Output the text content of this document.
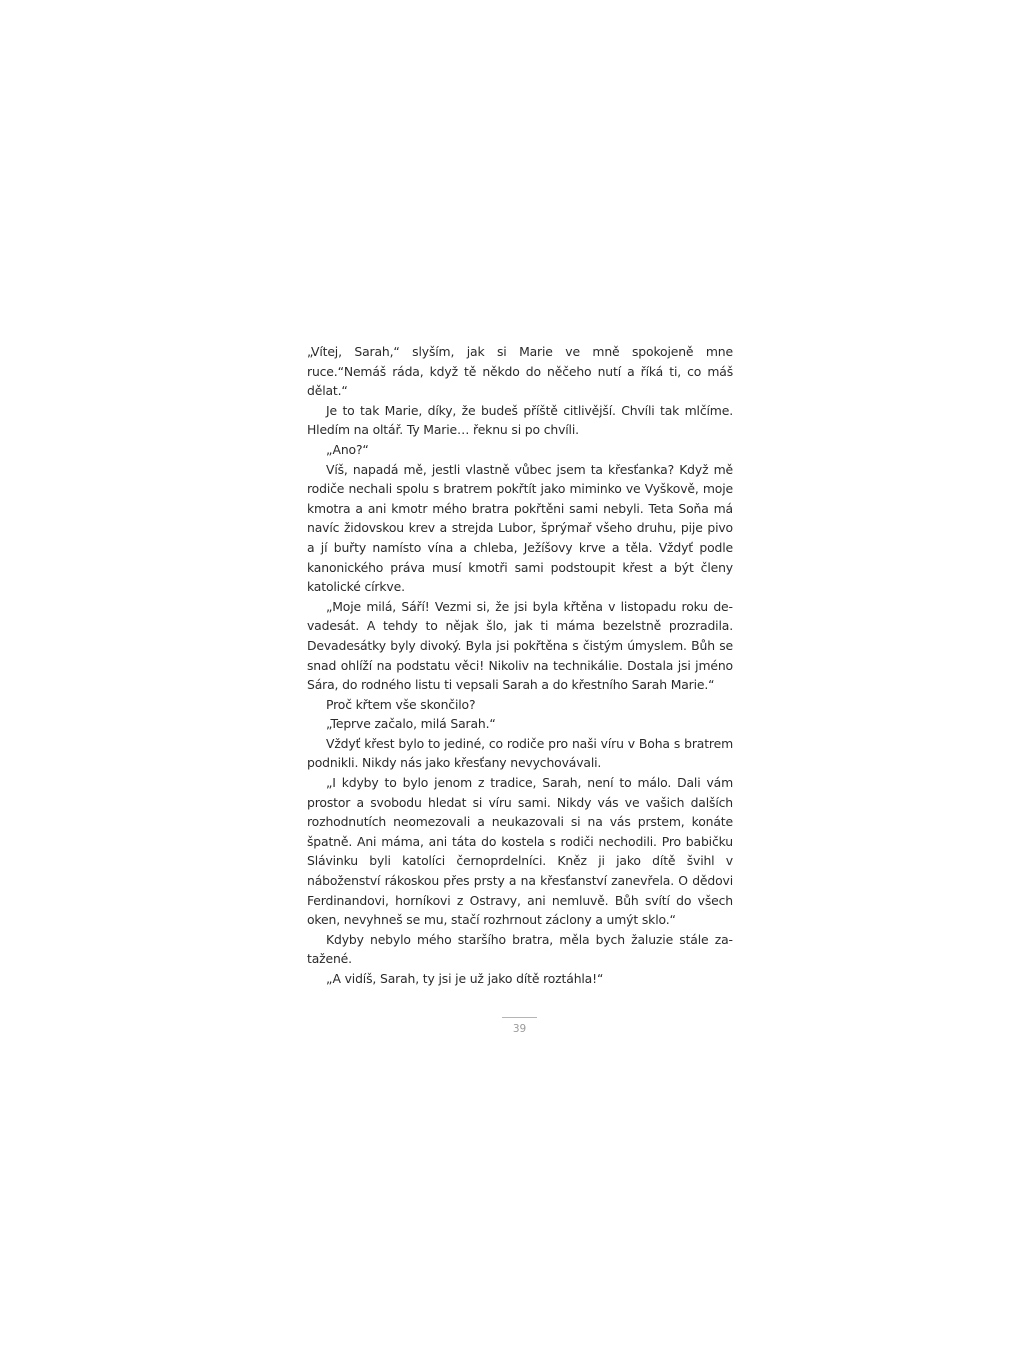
„Vítej, Sarah,“ slyším, jak si Marie ve mně spokojeně mne ruce.“Nemáš ráda, když tě někdo do něčeho nutí a říká ti, co máš dělat.“

Je to tak Marie, díky, že budeš příště citlivější. Chvíli tak mlčíme. Hledím na oltář. Ty Marie… řeknu si po chvíli.

„Ano?“

Víš, napadá mě, jestli vlastně vůbec jsem ta křesťanka? Když mě rodiče nechali spolu s bratrem pokřtít jako miminko ve Vyškově, moje kmotra a ani kmotr mého bratra pokřtěni sami nebyli. Teta Soňa má navíc židovskou krev a strejda Lubor, šprýmař všeho druhu, pije pivo a jí buřty namísto vína a chleba, Ježíšovy krve a těla. Vždyť podle kanonického práva musí kmotři sami podstoupit křest a být členy katolické církve.

„Moje milá, Sáří! Vezmi si, že jsi byla křtěna v listopadu roku devadesát. A tehdy to nějak šlo, jak ti máma bezelstně prozradila. Devadesátky byly divoký. Byla jsi pokřtěna s čistým úmyslem. Bůh se snad ohlíží na podstatu věci! Nikoliv na technikálie. Dostala jsi jméno Sára, do rodného listu ti vepsali Sarah a do křestního Sarah Marie.“

Proč křtem vše skončilo?

„Teprve začalo, milá Sarah.“

Vždyť křest bylo to jediné, co rodiče pro naši víru v Boha s bratrem podnikli. Nikdy nás jako křesťany nevychovávali.

„I kdyby to bylo jenom z tradice, Sarah, není to málo. Dali vám prostor a svobodu hledat si víru sami. Nikdy vás ve vašich dalších rozhodnutích neomezovali a neukazovali si na vás prstem, konáte špatně. Ani máma, ani táta do kostela s rodiči nechodili. Pro babičku Slávinku byli katolíci černoprdelníci. Kněz ji jako dítě švihl v náboženství rákoskou přes prsty a na křesťanství zanevřela. O dědovi Ferdinandovi, horníkovi z Ostravy, ani nemluvě. Bůh svítí do všech oken, nevyhneš se mu, stačí rozhrnout záclony a umýt sklo.“

Kdyby nebylo mého staršího bratra, měla bych žaluzie stále zatažené.

„A vidíš, Sarah, ty jsi je už jako dítě roztáhla!“

39
